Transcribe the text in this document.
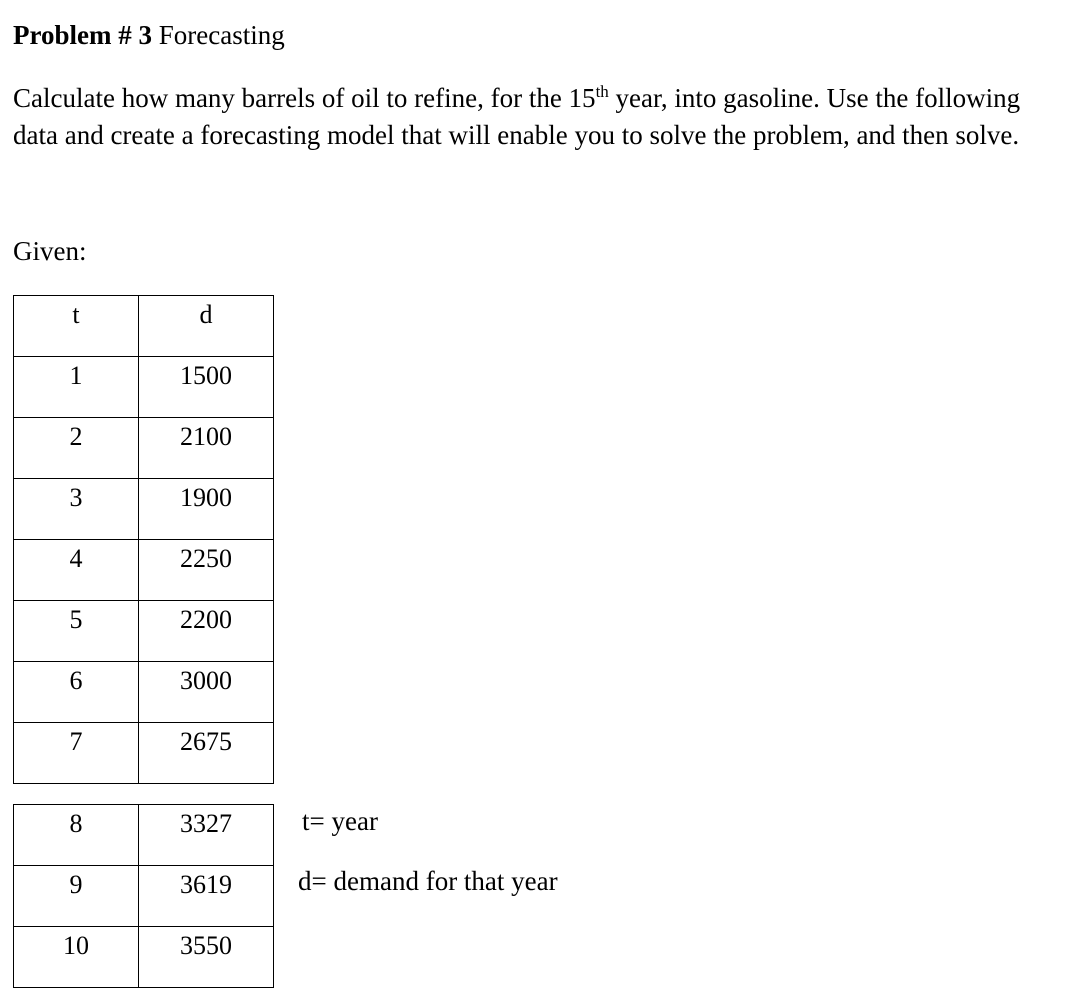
Problem # 3 Forecasting
Calculate how many barrels of oil to refine, for the 15th year, into gasoline. Use the following data and create a forecasting model that will enable you to solve the problem, and then solve.
Given:
t	d

1	1500

2	2100

3	1900

4	2250

5	2200

6	3000

7	2675
8	3327

9	3619

10	3550
t= year
d= demand for that year
